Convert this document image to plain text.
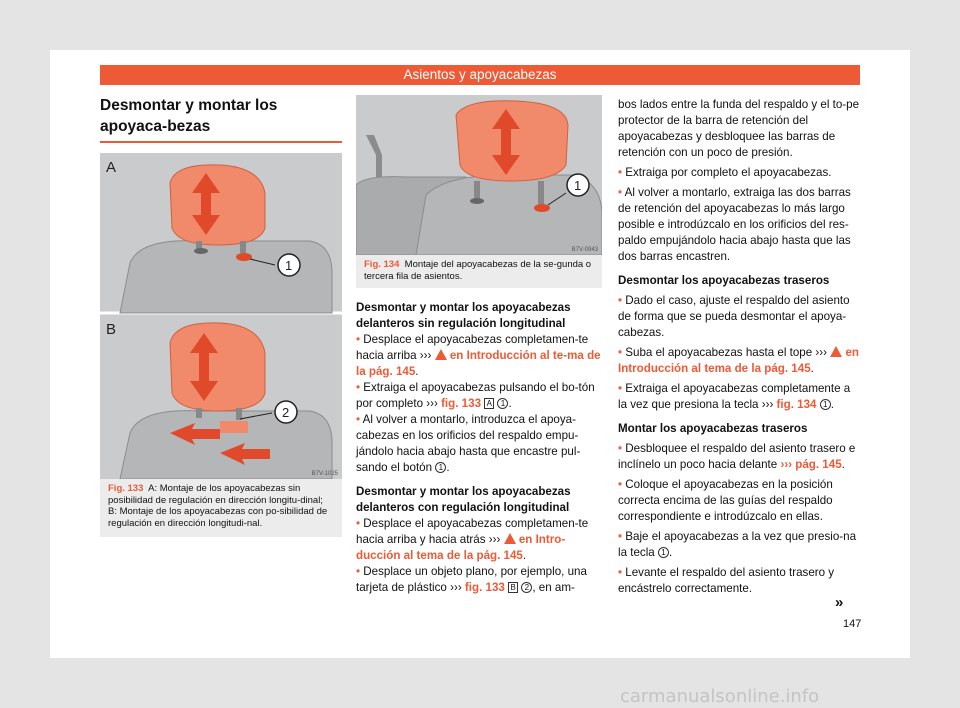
Asientos y apoyacabezas
Desmontar y montar los apoyaca-bezas
1
2
A
B
B7V-1025
Fig. 133 A: Montaje de los apoyacabezas sin posibilidad de regulación en dirección longitu-dinal; B: Montaje de los apoyacabezas con po-sibilidad de regulación en dirección longitudi-nal.
1
B7V-0943
Fig. 134 Montaje del apoyacabezas de la se-gunda o tercera fila de asientos.
Desmontar y montar los apoyacabezas delanteros sin regulación longitudinal
• Desplace el apoyacabezas completamen-te hacia arriba ››› en Introducción al te-ma de la pág. 145.
• Extraiga el apoyacabezas pulsando el bo-tón por completo ››› fig. 133 A 1 .
• Al volver a montarlo, introduzca el apoya-cabezas en los orificios del respaldo empu-jándolo hacia abajo hasta que encastre pul-sando el botón 1 .
Desmontar y montar los apoyacabezas delanteros con regulación longitudinal
• Desplace el apoyacabezas completamen-te hacia arriba y hacia atrás ››› en Intro-ducción al tema de la pág. 145.
• Desplace un objeto plano, por ejemplo, una tarjeta de plástico ››› fig. 133 B 2 , en am-
bos lados entre la funda del respaldo y el to-pe protector de la barra de retención del apoyacabezas y desbloquee las barras de retención con un poco de presión.
• Extraiga por completo el apoyacabezas.
• Al volver a montarlo, extraiga las dos barras de retención del apoyacabezas lo más largo posible e introdúzcalo en los orificios del res-paldo empujándolo hacia abajo hasta que las dos barras encastren.
Desmontar los apoyacabezas traseros
• Dado el caso, ajuste el respaldo del asiento de forma que se pueda desmontar el apoya-cabezas.
• Suba el apoyacabezas hasta el tope ››› en Introducción al tema de la pág. 145.
• Extraiga el apoyacabezas completamente a la vez que presiona la tecla ››› fig. 134 1 .
Montar los apoyacabezas traseros
• Desbloquee el respaldo del asiento trasero e inclínelo un poco hacia delante ››› pág. 145.
• Coloque el apoyacabezas en la posición correcta encima de las guías del respaldo correspondiente e introdúzcalo en ellas.
• Baje el apoyacabezas a la vez que presio-na la tecla 1 .
• Levante el respaldo del asiento trasero y encástrelo correctamente.
»
147
carmanualsonline.info
